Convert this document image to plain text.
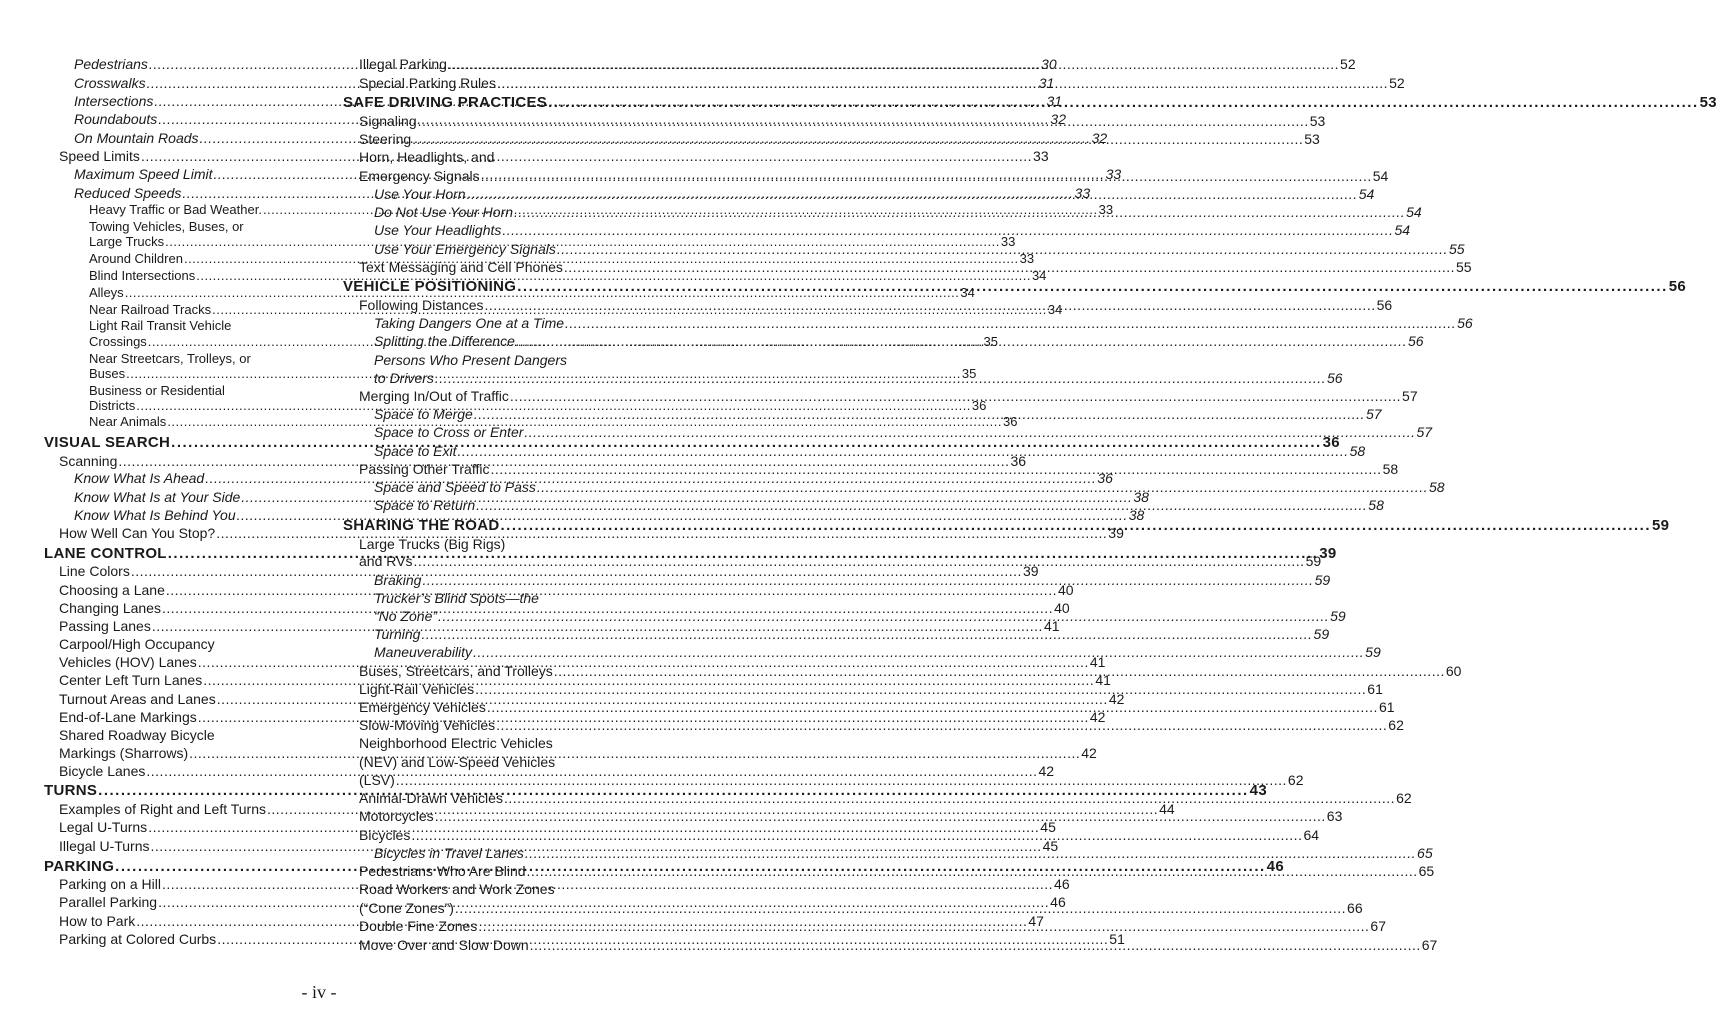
Pedestrians .....	30
Crosswalks .....	31
Intersections .....	31
Roundabouts .....	32
On Mountain Roads .....	32
Speed Limits .....	33
Maximum Speed Limit .....	33
Reduced Speeds .....	33
Heavy Traffic or Bad Weather. .....	33
Towing Vehicles, Buses, or
Large Trucks .....	33
Around Children .....	33
Blind Intersections .....	34
Alleys .....	34
Near Railroad Tracks .....	34
Light Rail Transit Vehicle
Crossings .....	35
Near Streetcars, Trolleys, or
Buses .....	35
Business or Residential
Districts .....	36
Near Animals .....	36
VISUAL SEARCH .....	36
Scanning .....	36
Know What Is Ahead .....	36
Know What Is at Your Side .....	38
Know What Is Behind You .....	38
How Well Can You Stop? .....	39
LANE CONTROL .....	39
Line Colors .....	39
Choosing a Lane .....	40
Changing Lanes .....	40
Passing Lanes .....	41
Carpool/High Occupancy
Vehicles (HOV) Lanes .....	41
Center Left Turn Lanes .....	41
Turnout Areas and Lanes .....	42
End-of-Lane Markings .....	42
Shared Roadway Bicycle
Markings (Sharrows) .....	42
Bicycle Lanes .....	42
TURNS .....	43
Examples of Right and Left Turns .....	44
Legal U-Turns .....	45
Illegal U-Turns .....	45
PARKING .....	46
Parking on a Hill .....	46
Parallel Parking .....	46
How to Park .....	47
Parking at Colored Curbs .....	51
Illegal Parking .....	52
Special Parking Rules .....	52
SAFE DRIVING PRACTICES .....	53
Signaling .....	53
Steering .....	53
Horn, Headlights, and
Emergency Signals .....	54
Use Your Horn .....	54
Do Not Use Your Horn .....	54
Use Your Headlights .....	54
Use Your Emergency Signals .....	55
Text Messaging and Cell Phones .....	55
VEHICLE POSITIONING .....	56
Following Distances .....	56
Taking Dangers One at a Time .....	56
Splitting the Difference .....	56
Persons Who Present Dangers
to Drivers .....	56
Merging In/Out of Traffic .....	57
Space to Merge .....	57
Space to Cross or Enter .....	57
Space to Exit .....	58
Passing Other Traffic .....	58
Space and Speed to Pass .....	58
Space to Return .....	58
SHARING THE ROAD .....	59
Large Trucks (Big Rigs)
and RVs .....	59
Braking .....	59
Trucker’s Blind Spots—the
“No Zone” .....	59
Turning .....	59
Maneuverability .....	59
Buses, Streetcars, and Trolleys .....	60
Light-Rail Vehicles .....	61
Emergency Vehicles .....	61
Slow-Moving Vehicles .....	62
Neighborhood Electric Vehicles
(NEV) and Low-Speed Vehicles
(LSV) .....	62
Animal-Drawn Vehicles .....	62
Motorcycles .....	63
Bicycles .....	64
Bicycles in Travel Lanes .....	65
Pedestrians Who Are Blind .....	65
Road Workers and Work Zones
(“Cone Zones”) .....	66
Double Fine Zones .....	67
Move Over and Slow Down .....	67
- iv -
